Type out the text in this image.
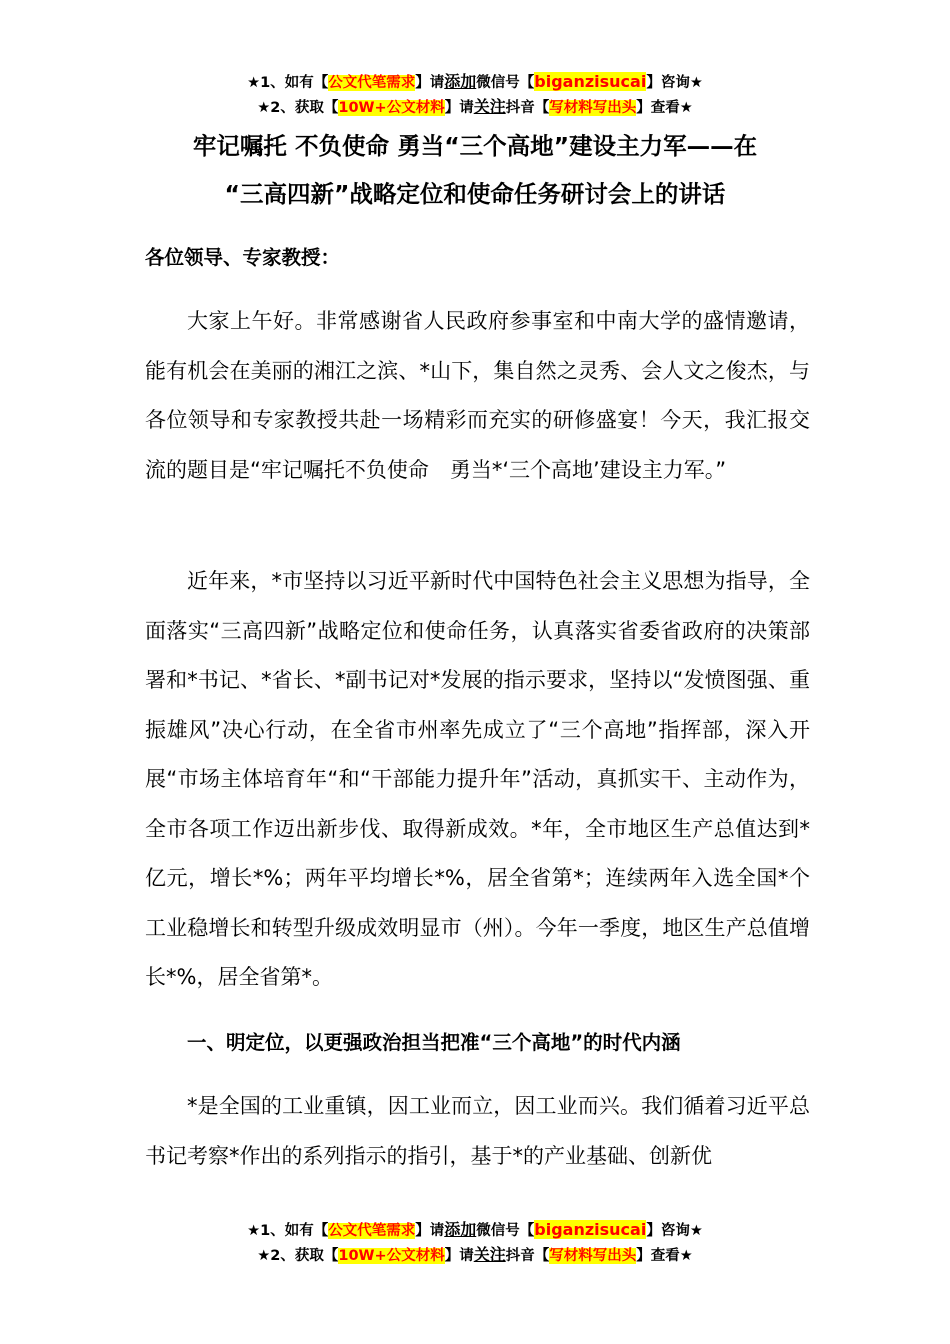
★1、如有【公文代笔需求】请添加微信号【biganzisucai】咨询★
★2、获取【10W+公文材料】请关注抖音【写材料写出头】查看★
牢记嘱托 不负使命 勇当“三个高地”建设主力军——在
“三高四新”战略定位和使命任务研讨会上的讲话
各位领导、专家教授：
大家上午好。非常感谢省人民政府参事室和中南大学的盛情邀请，能有机会在美丽的湘江之滨、*山下，集自然之灵秀、会人文之俊杰，与各位领导和专家教授共赴一场精彩而充实的研修盛宴！今天，我汇报交流的题目是“牢记嘱托不负使命　勇当*‘三个高地’建设主力军。”
近年来，*市坚持以习近平新时代中国特色社会主义思想为指导，全面落实“三高四新”战略定位和使命任务，认真落实省委省政府的决策部署和*书记、*省长、*副书记对*发展的指示要求，坚持以“发愤图强、重振雄风”决心行动，在全省市州率先成立了“三个高地”指挥部，深入开展“市场主体培育年“和“干部能力提升年”活动，真抓实干、主动作为，全市各项工作迈出新步伐、取得新成效。*年，全市地区生产总值达到*亿元，增长*%；两年平均增长*%，居全省第*；连续两年入选全国*个工业稳增长和转型升级成效明显市（州）。今年一季度，地区生产总值增长*%，居全省第*。
一、明定位，以更强政治担当把准“三个高地”的时代内涵
*是全国的工业重镇，因工业而立，因工业而兴。我们循着习近平总书记考察*作出的系列指示的指引，基于*的产业基础、创新优
★1、如有【公文代笔需求】请添加微信号【biganzisucai】咨询★
★2、获取【10W+公文材料】请关注抖音【写材料写出头】查看★
